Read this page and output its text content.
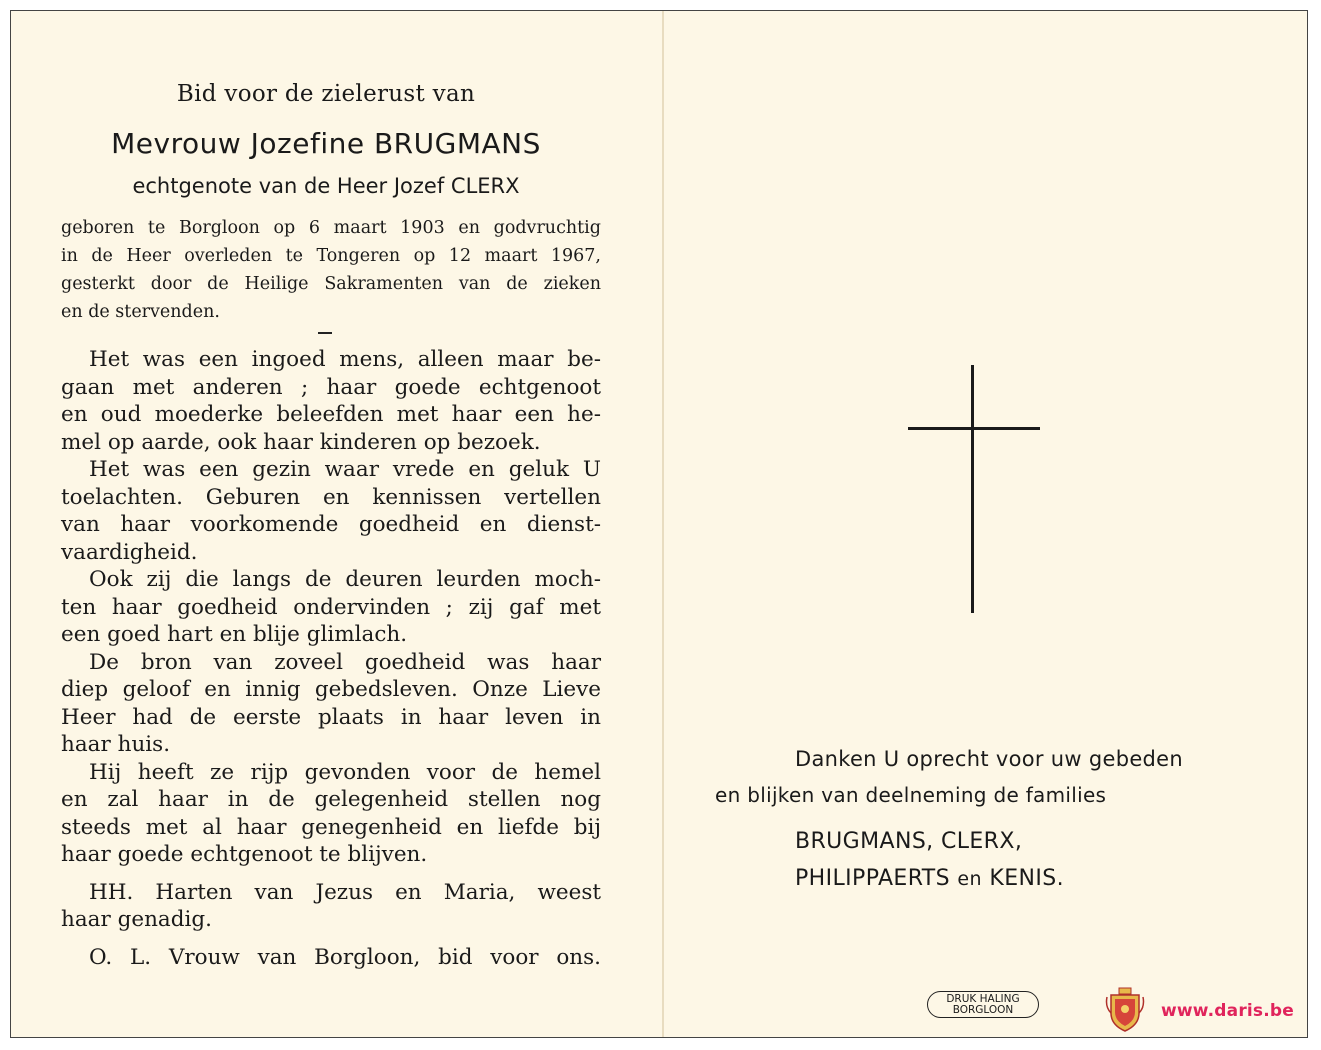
Bid voor de zielerust van
Mevrouw Jozefine BRUGMANS
echtgenote van de Heer Jozef CLERX
geboren te Borgloon op 6 maart 1903 en godvruchtig
in de Heer overleden te Tongeren op 12 maart 1967,
gesterkt door de Heilige Sakramenten van de zieken
en de stervenden.
Het was een ingoed mens, alleen maar be-
gaan met anderen ; haar goede echtgenoot
en oud moederke beleefden met haar een he-
mel op aarde, ook haar kinderen op bezoek.
Het was een gezin waar vrede en geluk U
toelachten. Geburen en kennissen vertellen
van haar voorkomende goedheid en dienst-
vaardigheid.
Ook zij die langs de deuren leurden moch-
ten haar goedheid ondervinden ; zij gaf met
een goed hart en blije glimlach.
De bron van zoveel goedheid was haar
diep geloof en innig gebedsleven. Onze Lieve
Heer had de eerste plaats in haar leven in
haar huis.
Hij heeft ze rijp gevonden voor de hemel
en zal haar in de gelegenheid stellen nog
steeds met al haar genegenheid en liefde bij
haar goede echtgenoot te blijven.
HH. Harten van Jezus en Maria, weest
haar genadig.
O. L. Vrouw van Borgloon, bid voor ons.
Danken U oprecht voor uw gebeden
en blijken van deelneming de families
BRUGMANS, CLERX,
PHILIPPAERTS en KENIS.
DRUK HALING
BORGLOON	www.daris.be
